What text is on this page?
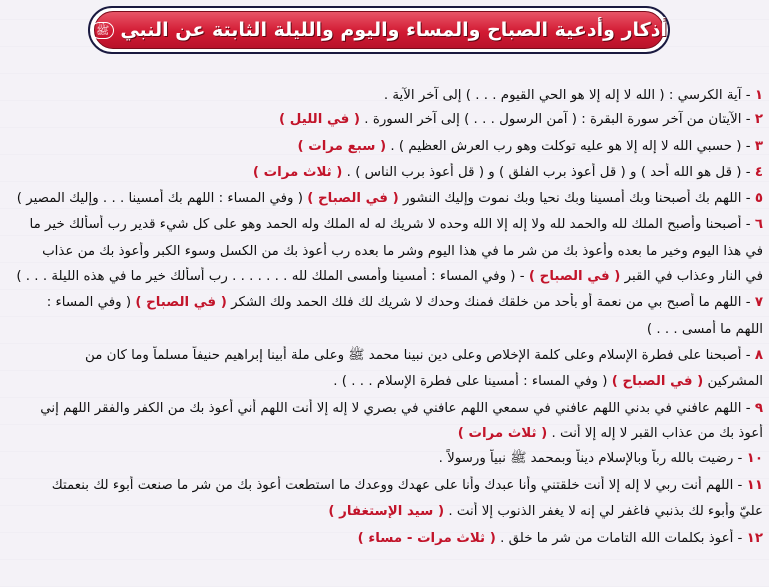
أذكار وأدعية الصباح والمساء واليوم والليلة الثابتة عن النبي
ﷺ
١ - آية الكرسي : ( الله لا إله إلا هو الحي القيوم . . . ) إلى آخر الآية .
٢ - الآيتان من آخر سورة البقرة : ( آمن الرسول . . . ) إلى آخر السورة . ( في الليل )
٣ - ( حسبي الله لا إله إلا هو عليه توكلت وهو رب العرش العظيم ) . ( سبع مرات )
٤ - ( قل هو الله أحد ) و ( قل أعوذ برب الفلق ) و ( قل أعوذ برب الناس ) . ( ثلاث مرات )
٥ - اللهم بك أصبحنا وبك أمسينا وبك نحيا وبك نموت وإليك النشور ( في الصباح ) ( وفي المساء : اللهم بك أمسينا . . . وإليك المصير )
٦ - أصبحنا وأصبح الملك لله والحمد لله ولا إله إلا الله وحده لا شريك له له الملك وله الحمد وهو على كل شيء قدير رب أسألك خير ما
في هذا اليوم وخير ما بعده وأعوذ بك من شر ما في هذا اليوم وشر ما بعده رب أعوذ بك من الكسل وسوء الكبر وأعوذ بك من عذاب
في النار وعذاب في القبر ( في الصباح ) - ( وفي المساء : أمسينا وأمسى الملك لله . . . . . . . رب أسألك خير ما في هذه الليلة . . . )
٧ - اللهم ما أصبح بي من نعمة أو بأحد من خلقك فمنك وحدك لا شريك لك فلك الحمد ولك الشكر ( في الصباح ) ( وفي المساء :
اللهم ما أمسى . . . )
٨ - أصبحنا على فطرة الإسلام وعلى كلمة الإخلاص وعلى دين نبينا محمد ﷺ وعلى ملة أبينا إبراهيم حنيفاً مسلماً وما كان من
المشركين ( في الصباح ) ( وفي المساء : أمسينا على فطرة الإسلام . . . ) .
٩ - اللهم عافني في بدني اللهم عافني في سمعي اللهم عافني في بصري لا إله إلا أنت اللهم أني أعوذ بك من الكفر والفقر اللهم إني
أعوذ بك من عذاب القبر لا إله إلا أنت . ( ثلاث مرات )
١٠ - رضيت بالله رباً وبالإسلام ديناً وبمحمد ﷺ نبياً ورسولاً .
١١ - اللهم أنت ربي لا إله إلا أنت خلقتني وأنا عبدك وأنا على عهدك ووعدك ما استطعت أعوذ بك من شر ما صنعت أبوء لك بنعمتك
عليّ وأبوء لك بذنبي فاغفر لي إنه لا يغفر الذنوب إلا أنت . ( سيد الإستغفار )
١٢ - أعوذ بكلمات الله التامات من شر ما خلق . ( ثلاث مرات - مساء )
